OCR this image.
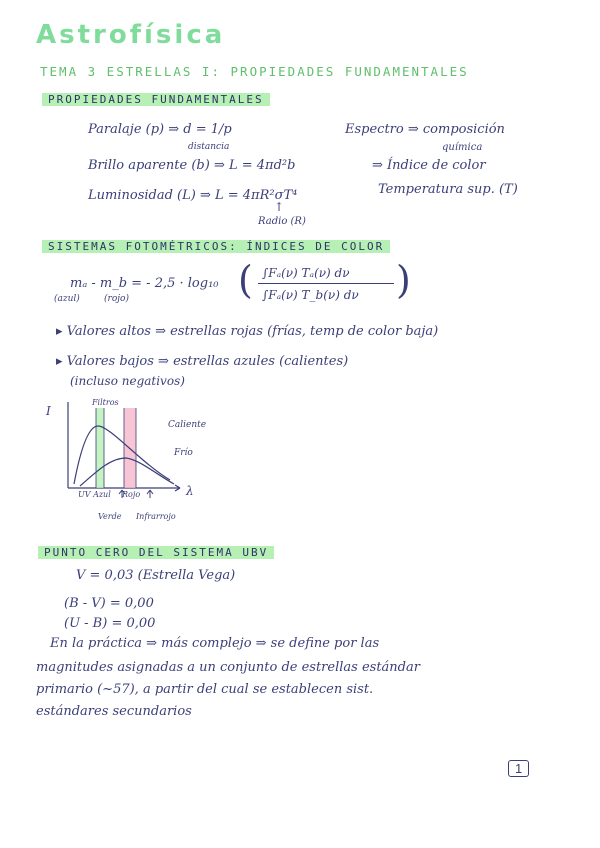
Astrofísica
TEMA 3 ESTRELLAS I: PROPIEDADES FUNDAMENTALES
PROPIEDADES FUNDAMENTALES
Paralaje (p) ⇒ d = 1/p
distancia
Espectro ⇒ composición
química
Brillo aparente (b) ⇒ L = 4πd²b	⇒ Índice de color
Luminosidad (L) ⇒ L = 4πR²σT⁴	Temperatura sup. (T)
↑
Radio (R)
SISTEMAS FOTOMÉTRICOS: ÍNDICES DE COLOR
mₐ - m_b = - 2,5 · log₁₀
(azul)	(rojo)	( ∫Fₐ(ν) Tₐ(ν) dν
∫Fₐ(ν) T_b(ν) dν )
▸ Valores altos ⇒ estrellas rojas (frías, temp de color baja)
▸ Valores bajos ⇒ estrellas azules (calientes)
(incluso negativos)
I
λ
Filtros
Caliente
Frío
UV Azul Rojo
Verde Infrarrojo
PUNTO CERO DEL SISTEMA UBV
V = 0,03 (Estrella Vega)
(B - V) = 0,00
(U - B) = 0,00
En la práctica ⇒ más complejo ⇒ se define por las
magnitudes asignadas a un conjunto de estrellas estándar
primario (~57), a partir del cual se establecen sist.
estándares secundarios
1
